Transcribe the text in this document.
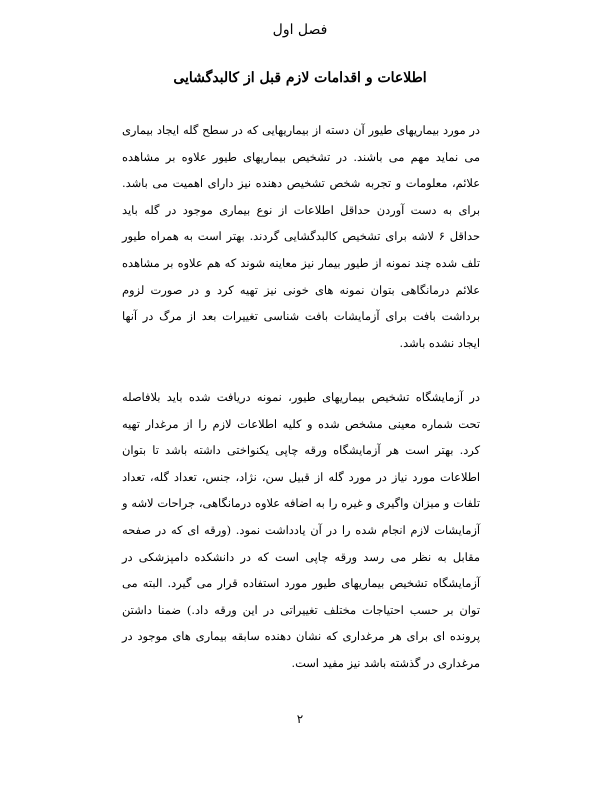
فصل اول
اطلاعات و اقدامات لازم قبل از کالبدگشایی
در مورد بیماریهای طیور آن دسته از بیماریهایی که در سطح گله ایجاد بیماری می نماید مهم می باشند. در تشخیص بیماریهای طیور علاوه بر مشاهده علائم، معلومات و تجربه شخص تشخیص دهنده نیز دارای اهمیت می باشد. برای به دست آوردن حداقل اطلاعات از نوع بیماری موجود در گله باید حداقل ۶ لاشه برای تشخیص کالبدگشایی گردند. بهتر است به همراه طیور تلف شده چند نمونه از طیور بیمار نیز معاینه شوند که هم علاوه بر مشاهده علائم درمانگاهی بتوان نمونه های خونی نیز تهیه کرد و در صورت لزوم برداشت بافت برای آزمایشات بافت شناسی تغییرات بعد از مرگ در آنها ایجاد نشده باشد.
در آزمایشگاه تشخیص بیماریهای طیور، نمونه دریافت شده باید بلافاصله تحت شماره معینی مشخص شده و کلیه اطلاعات لازم را از مرغدار تهیه کرد. بهتر است هر آزمایشگاه ورقه چاپی یکنواختی داشته باشد تا بتوان اطلاعات مورد نیاز در مورد گله از قبیل سن، نژاد، جنس، تعداد گله، تعداد تلفات و میزان واگیری و غیره را به اضافه علاوه درمانگاهی، جراحات لاشه و آزمایشات لازم انجام شده را در آن یادداشت نمود. (ورقه ای که در صفحه مقابل به نظر می رسد ورقه چاپی است که در دانشکده دامپزشکی در آزمایشگاه تشخیص بیماریهای طیور مورد استفاده قرار می گیرد. البته می توان بر حسب احتیاجات مختلف تغییراتی در این ورقه داد.) ضمنا داشتن پرونده ای برای هر مرغداری که نشان دهنده سابقه بیماری های موجود در مرغداری در گذشته باشد نیز مفید است.
۲
